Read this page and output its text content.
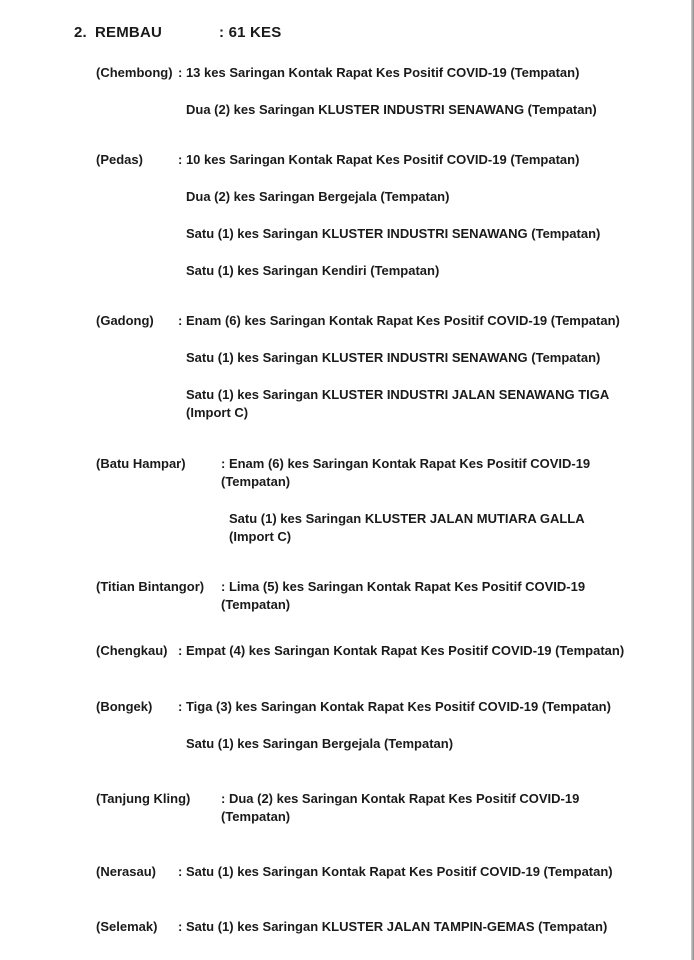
2. REMBAU	: 61 KES
(Chembong) : 13 kes Saringan Kontak Rapat Kes Positif COVID-19 (Tempatan)
Dua (2) kes Saringan KLUSTER INDUSTRI SENAWANG (Tempatan)
(Pedas)	: 10 kes Saringan Kontak Rapat Kes Positif COVID-19 (Tempatan)
Dua (2) kes Saringan Bergejala (Tempatan)
Satu (1) kes Saringan KLUSTER INDUSTRI SENAWANG (Tempatan)
Satu (1) kes Saringan Kendiri (Tempatan)
(Gadong) : Enam (6) kes Saringan Kontak Rapat Kes Positif COVID-19 (Tempatan)
Satu (1) kes Saringan KLUSTER INDUSTRI SENAWANG (Tempatan)
Satu (1) kes Saringan KLUSTER INDUSTRI JALAN SENAWANG TIGA (Import C)
(Batu Hampar)	: Enam (6) kes Saringan Kontak Rapat Kes Positif COVID-19 (Tempatan)
Satu (1) kes Saringan KLUSTER JALAN MUTIARA GALLA (Import C)
(Titian Bintangor) : Lima (5) kes Saringan Kontak Rapat Kes Positif COVID-19 (Tempatan)
(Chengkau) : Empat (4) kes Saringan Kontak Rapat Kes Positif COVID-19 (Tempatan)
(Bongek) : Tiga (3) kes Saringan Kontak Rapat Kes Positif COVID-19 (Tempatan)
Satu (1) kes Saringan Bergejala (Tempatan)
(Tanjung Kling) : Dua (2) kes Saringan Kontak Rapat Kes Positif COVID-19 (Tempatan)
(Nerasau) : Satu (1) kes Saringan Kontak Rapat Kes Positif COVID-19 (Tempatan)
(Selemak) : Satu (1) kes Saringan KLUSTER JALAN TAMPIN-GEMAS (Tempatan)
